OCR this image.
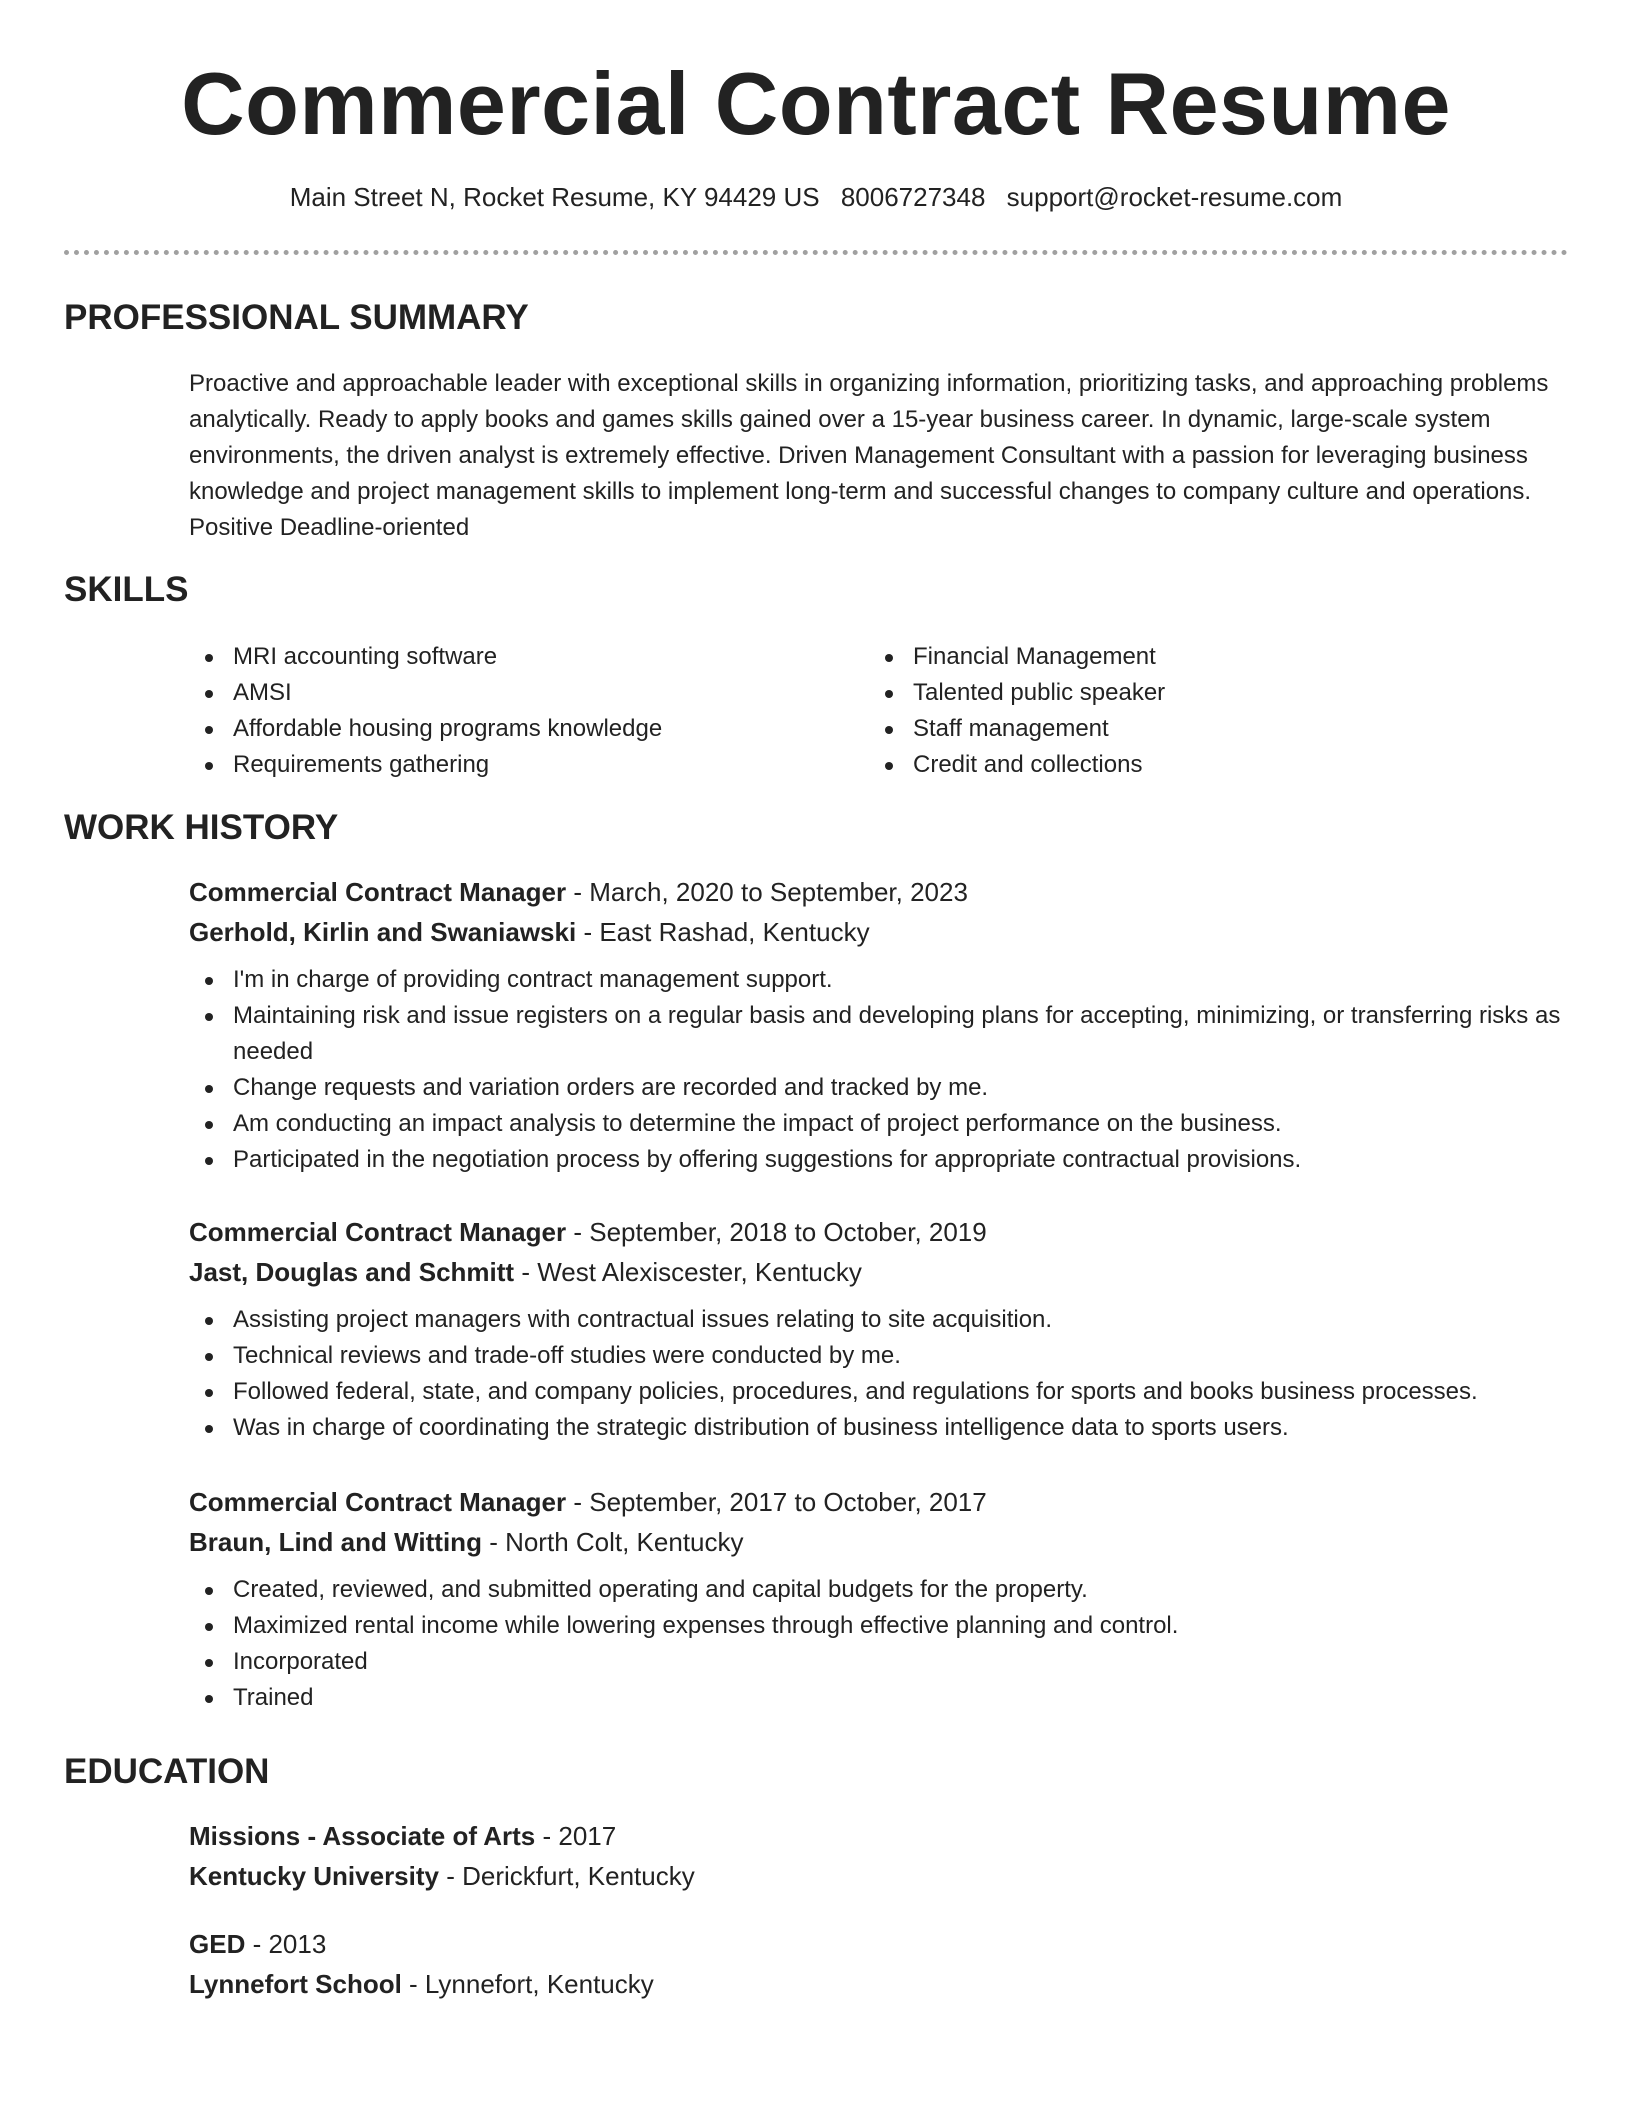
Commercial Contract Resume
Main Street N, Rocket Resume, KY 94429 US 8006727348 support@rocket-resume.com
PROFESSIONAL SUMMARY

Proactive and approachable leader with exceptional skills in organizing information, prioritizing tasks, and approaching problems analytically. Ready to apply books and games skills gained over a 15-year business career. In dynamic, large-scale system environments, the driven analyst is extremely effective. Driven Management Consultant with a passion for leveraging business knowledge and project management skills to implement long-term and successful changes to company culture and operations. Positive Deadline-oriented

SKILLS
MRI accounting software
AMSI
Affordable housing programs knowledge
Requirements gathering
Financial Management
Talented public speaker
Staff management
Credit and collections
WORK HISTORY
Commercial Contract Manager - March, 2020 to September, 2023
Gerhold, Kirlin and Swaniawski - East Rashad, Kentucky
I'm in charge of providing contract management support.
Maintaining risk and issue registers on a regular basis and developing plans for accepting, minimizing, or transferring risks as needed
Change requests and variation orders are recorded and tracked by me.
Am conducting an impact analysis to determine the impact of project performance on the business.
Participated in the negotiation process by offering suggestions for appropriate contractual provisions.
Commercial Contract Manager - September, 2018 to October, 2019
Jast, Douglas and Schmitt - West Alexiscester, Kentucky
Assisting project managers with contractual issues relating to site acquisition.
Technical reviews and trade-off studies were conducted by me.
Followed federal, state, and company policies, procedures, and regulations for sports and books business processes.
Was in charge of coordinating the strategic distribution of business intelligence data to sports users.
Commercial Contract Manager - September, 2017 to October, 2017
Braun, Lind and Witting - North Colt, Kentucky
Created, reviewed, and submitted operating and capital budgets for the property.
Maximized rental income while lowering expenses through effective planning and control.
Incorporated
Trained
EDUCATION
Missions - Associate of Arts - 2017
Kentucky University - Derickfurt, Kentucky
GED - 2013
Lynnefort School - Lynnefort, Kentucky
